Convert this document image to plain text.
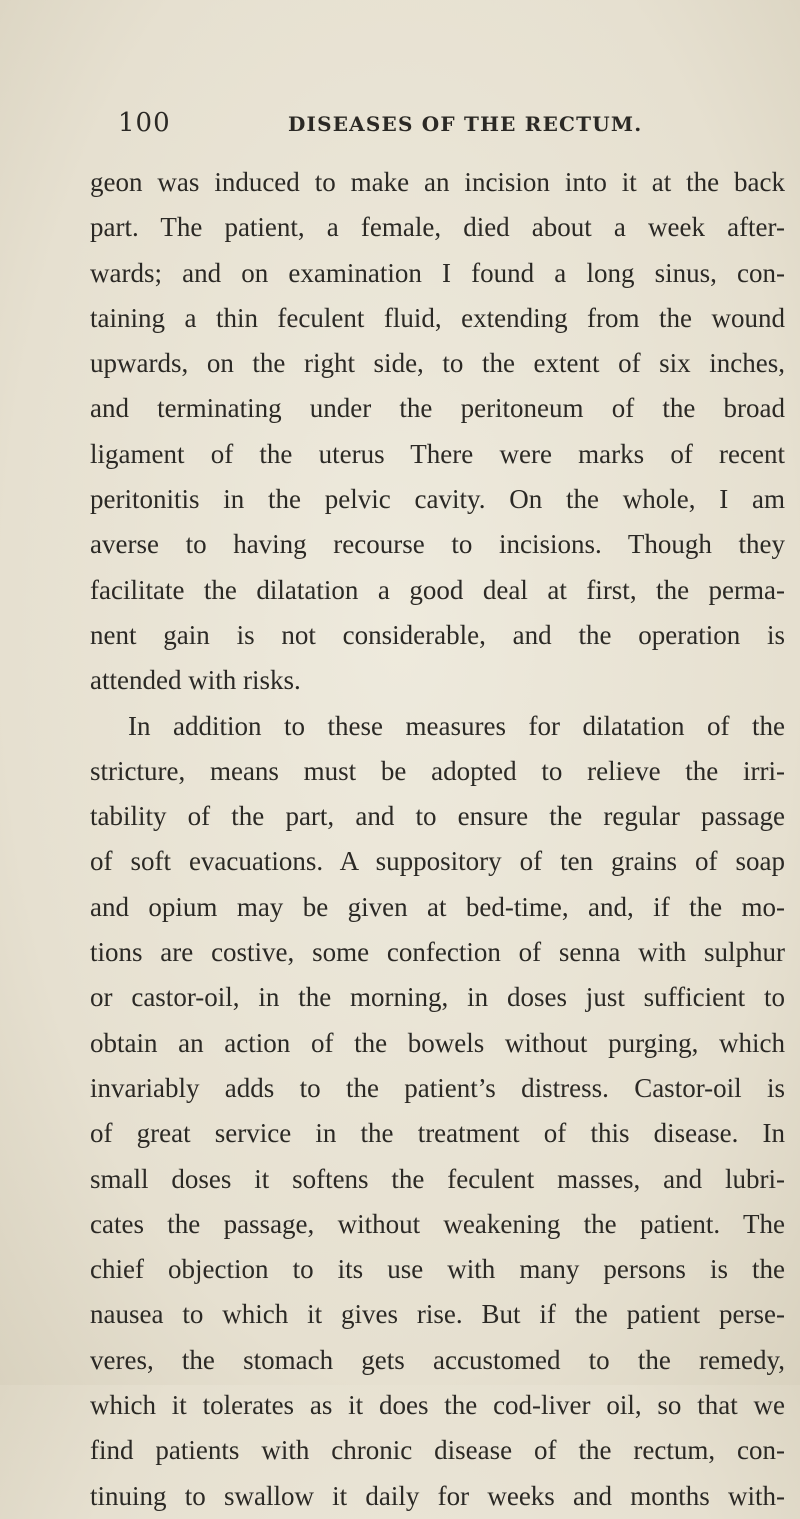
100	DISEASES OF THE RECTUM.
geon was induced to make an incision into it at the back
part. The patient, a female, died about a week after-
wards; and on examination I found a long sinus, con-
taining a thin feculent fluid, extending from the wound
upwards, on the right side, to the extent of six inches,
and terminating under the peritoneum of the broad
ligament of the uterus There were marks of recent
peritonitis in the pelvic cavity. On the whole, I am
averse to having recourse to incisions. Though they
facilitate the dilatation a good deal at first, the perma-
nent gain is not considerable, and the operation is
attended with risks.
In addition to these measures for dilatation of the
stricture, means must be adopted to relieve the irri-
tability of the part, and to ensure the regular passage
of soft evacuations. A suppository of ten grains of soap
and opium may be given at bed-time, and, if the mo-
tions are costive, some confection of senna with sulphur
or castor-oil, in the morning, in doses just sufficient to
obtain an action of the bowels without purging, which
invariably adds to the patient’s distress. Castor-oil is
of great service in the treatment of this disease. In
small doses it softens the feculent masses, and lubri-
cates the passage, without weakening the patient. The
chief objection to its use with many persons is the
nausea to which it gives rise. But if the patient perse-
veres, the stomach gets accustomed to the remedy,
which it tolerates as it does the cod-liver oil, so that we
find patients with chronic disease of the rectum, con-
tinuing to swallow it daily for weeks and months with-
